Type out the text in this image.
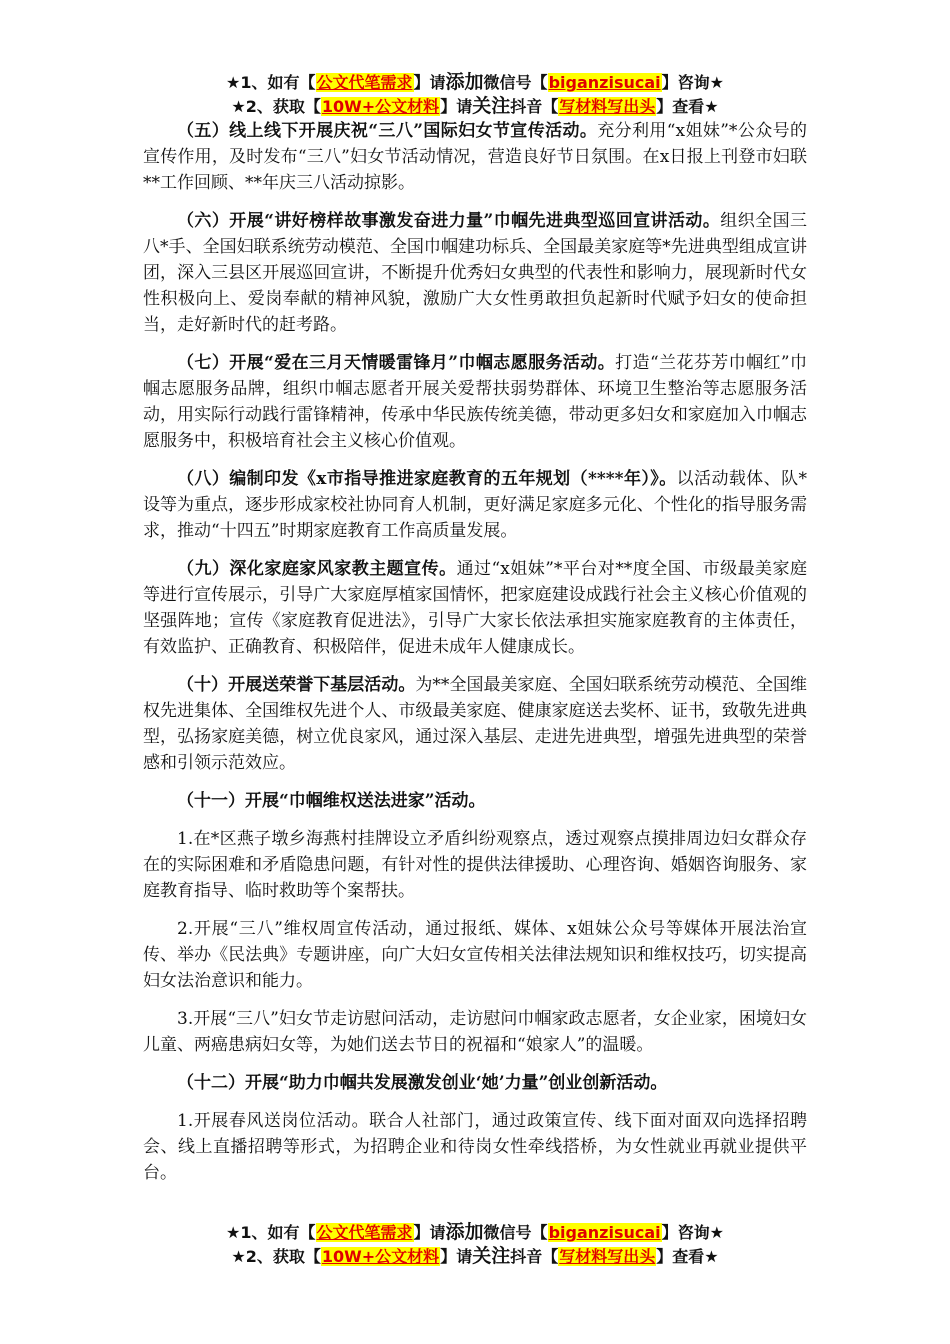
★1、如有【公文代笔需求】请添加微信号【biganzisucai】咨询★
★2、获取【10W+公文材料】请关注抖音【写材料写出头】查看★

（五）线上线下开展庆祝“三八”国际妇女节宣传活动。充分利用“x姐妹”*公众号的宣传作用，及时发布“三八”妇女节活动情况，营造良好节日氛围。在x日报上刊登市妇联**工作回顾、**年庆三八活动掠影。

（六）开展“讲好榜样故事激发奋进力量”巾帼先进典型巡回宣讲活动。组织全国三八*手、全国妇联系统劳动模范、全国巾帼建功标兵、全国最美家庭等*先进典型组成宣讲团，深入三县区开展巡回宣讲，不断提升优秀妇女典型的代表性和影响力，展现新时代女性积极向上、爱岗奉献的精神风貌，激励广大女性勇敢担负起新时代赋予妇女的使命担当，走好新时代的赶考路。

（七）开展“爱在三月天情暖雷锋月”巾帼志愿服务活动。打造“兰花芬芳巾帼红”巾帼志愿服务品牌，组织巾帼志愿者开展关爱帮扶弱势群体、环境卫生整治等志愿服务活动，用实际行动践行雷锋精神，传承中华民族传统美德，带动更多妇女和家庭加入巾帼志愿服务中，积极培育社会主义核心价值观。

（八）编制印发《x市指导推进家庭教育的五年规划（****年）》。以活动载体、队*设等为重点，逐步形成家校社协同育人机制，更好满足家庭多元化、个性化的指导服务需求，推动“十四五”时期家庭教育工作高质量发展。

（九）深化家庭家风家教主题宣传。通过“x姐妹”*平台对**度全国、市级最美家庭等进行宣传展示，引导广大家庭厚植家国情怀，把家庭建设成践行社会主义核心价值观的坚强阵地；宣传《家庭教育促进法》，引导广大家长依法承担实施家庭教育的主体责任，有效监护、正确教育、积极陪伴，促进未成年人健康成长。

（十）开展送荣誉下基层活动。为**全国最美家庭、全国妇联系统劳动模范、全国维权先进集体、全国维权先进个人、市级最美家庭、健康家庭送去奖杯、证书，致敬先进典型，弘扬家庭美德，树立优良家风，通过深入基层、走进先进典型，增强先进典型的荣誉感和引领示范效应。

（十一）开展“巾帼维权送法进家”活动。

1.在*区燕子墩乡海燕村挂牌设立矛盾纠纷观察点，透过观察点摸排周边妇女群众存在的实际困难和矛盾隐患问题，有针对性的提供法律援助、心理咨询、婚姻咨询服务、家庭教育指导、临时救助等个案帮扶。

2.开展“三八”维权周宣传活动，通过报纸、媒体、x姐妹公众号等媒体开展法治宣传、举办《民法典》专题讲座，向广大妇女宣传相关法律法规知识和维权技巧，切实提高妇女法治意识和能力。

3.开展“三八”妇女节走访慰问活动，走访慰问巾帼家政志愿者，女企业家，困境妇女儿童、两癌患病妇女等，为她们送去节日的祝福和“娘家人”的温暖。

（十二）开展“助力巾帼共发展激发创业‘她’力量”创业创新活动。

1.开展春风送岗位活动。联合人社部门，通过政策宣传、线下面对面双向选择招聘会、线上直播招聘等形式，为招聘企业和待岗女性牵线搭桥，为女性就业再就业提供平台。

★1、如有【公文代笔需求】请添加微信号【biganzisucai】咨询★
★2、获取【10W+公文材料】请关注抖音【写材料写出头】查看★
